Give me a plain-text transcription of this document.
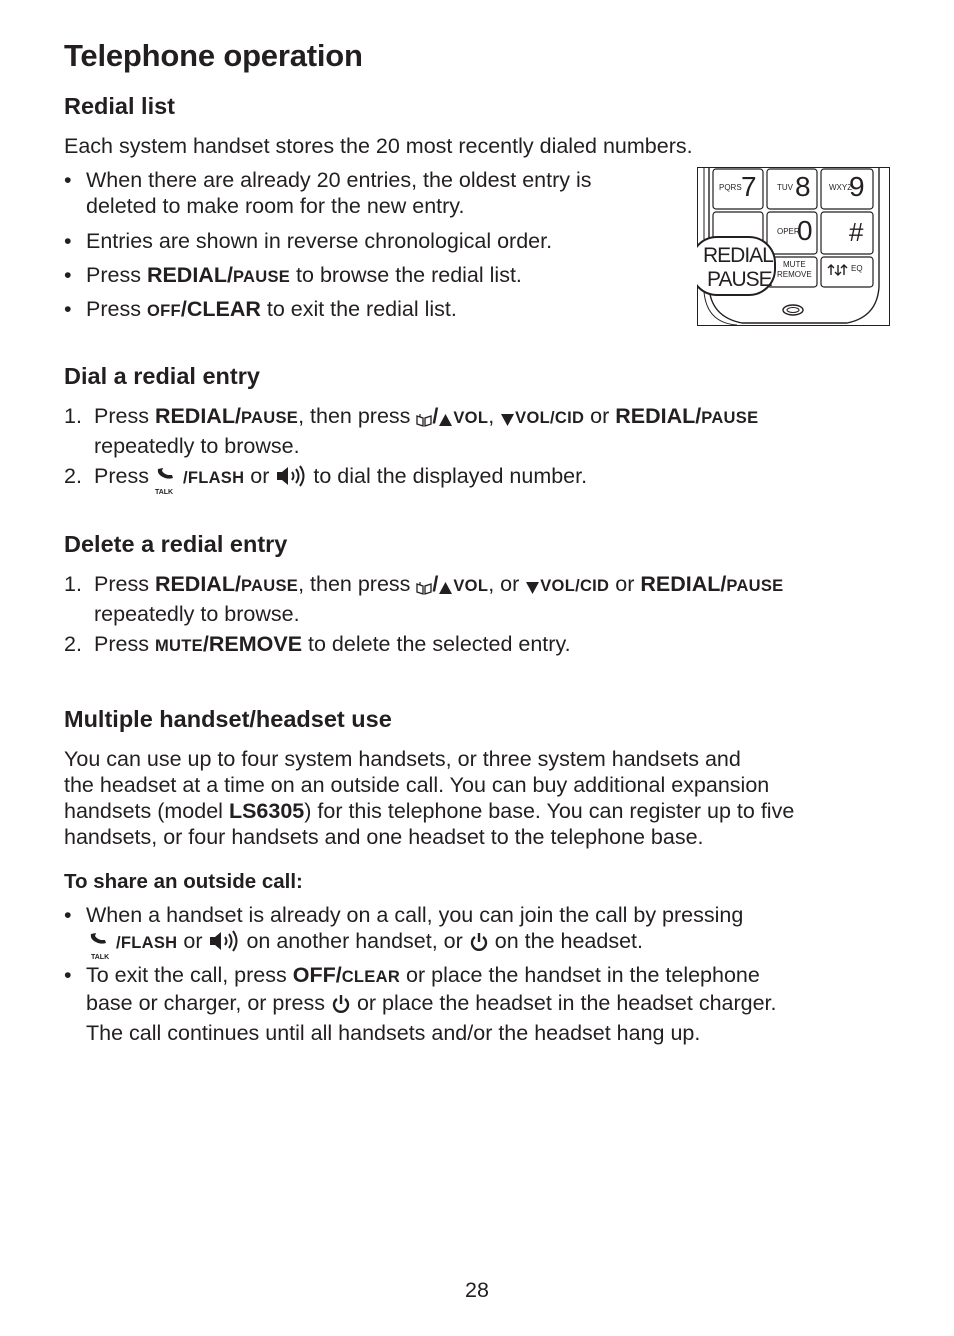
Telephone operation
Redial list
Each system handset stores the 20 most recently dialed numbers.
• When there are already 20 entries, the oldest entry is
deleted to make room for the new entry.
• Entries are shown in reverse chronological order.
• Press REDIAL/PAUSE to browse the redial list.
• Press OFF/CLEAR to exit the redial list.
Dial a redial entry
1. Press REDIAL/PAUSE, then press / VOL, VOL/CID or REDIAL/PAUSE
repeatedly to browse.
2. Press
TALK
/FLASH or  to dial the displayed number.
Delete a redial entry
1. Press REDIAL/PAUSE, then press / VOL, or VOL/CID or REDIAL/PAUSE
repeatedly to browse.
2. Press MUTE/REMOVE to delete the selected entry.
Multiple handset/headset use
You can use up to four system handsets, or three system handsets and
the headset at a time on an outside call. You can buy additional expansion
handsets (model LS6305) for this telephone base. You can register up to five
handsets, or four handsets and one headset to the telephone base.
To share an outside call:
• When a handset is already on a call, you can join the call by pressing

TALK
/FLASH or  on another handset, or  on the headset.
• To exit the call, press OFF/CLEAR or place the handset in the telephone
base or charger, or press  or place the headset in the headset charger.
The call continues until all handsets and/or the headset hang up.
PQRS 7	TUV 8 WXYZ
9
OPER
0 #
MUTE
REMOVE
EQ
REDIAL
PAUSE
28
